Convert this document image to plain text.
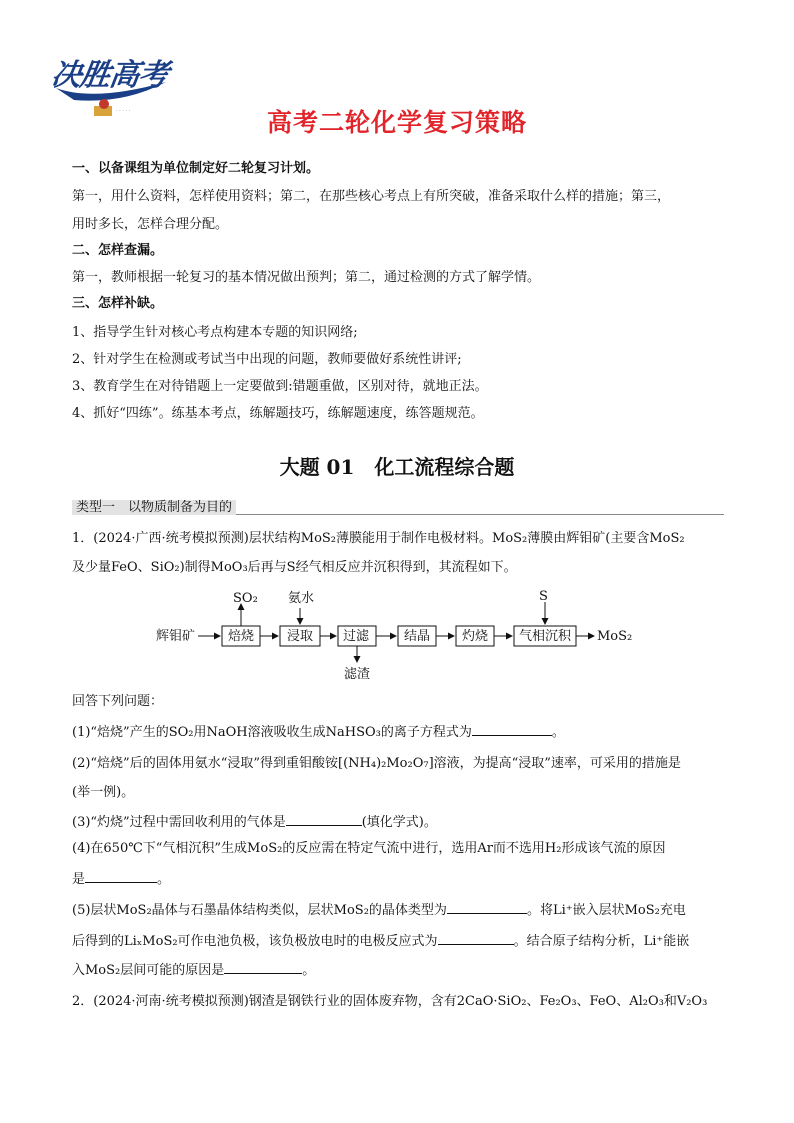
决胜高考
· · · · ·	高考二轮化学复习策略
一、以备课组为单位制定好二轮复习计划。
第一，用什么资料，怎样使用资料；第二，在那些核心考点上有所突破，准备采取什么样的措施；第三，
用时多长，怎样合理分配。
二、怎样查漏。
第一，教师根据一轮复习的基本情况做出预判；第二，通过检测的方式了解学情。
三、怎样补缺。
1、指导学生针对核心考点构建本专题的知识网络;
2、针对学生在检测或考试当中出现的问题，教师要做好系统性讲评;
3、教育学生在对待错题上一定要做到:错题重做，区别对待，就地正法。
4、抓好“四练”。练基本考点，练解题技巧，练解题速度，练答题规范。
大题 01　化工流程综合题
类型一　以物质制备为目的
1．(2024·广西·统考模拟预测)层状结构MoS₂薄膜能用于制作电极材料。MoS₂薄膜由辉钼矿(主要含MoS₂
及少量FeO、SiO₂)制得MoO₃后再与S经气相反应并沉积得到，其流程如下。
辉钼矿	焙烧
SO₂
浸取
氨水
过滤
滤渣
结晶 灼烧 气相沉积
S
MoS₂
回答下列问题：
(1)“焙烧”产生的SO₂用NaOH溶液吸收生成NaHSO₃的离子方程式为	。
(2)“焙烧”后的固体用氨水“浸取”得到重钼酸铵[(NH₄)₂Mo₂O₇]溶液，为提高“浸取”速率，可采用的措施是
(举一例)。
(3)“灼烧”过程中需回收利用的气体是	(填化学式)。
(4)在650℃下“气相沉积”生成MoS₂的反应需在特定气流中进行，选用Ar而不选用H₂形成该气流的原因
是	。
(5)层状MoS₂晶体与石墨晶体结构类似，层状MoS₂的晶体类型为	。将Li⁺嵌入层状MoS₂充电
后得到的LiₓMoS₂可作电池负极，该负极放电时的电极反应式为	。结合原子结构分析，Li⁺能嵌
入MoS₂层间可能的原因是	。
2．(2024·河南·统考模拟预测)钢渣是钢铁行业的固体废弃物，含有2CaO·SiO₂、Fe₂O₃、FeO、Al₂O₃和V₂O₃
